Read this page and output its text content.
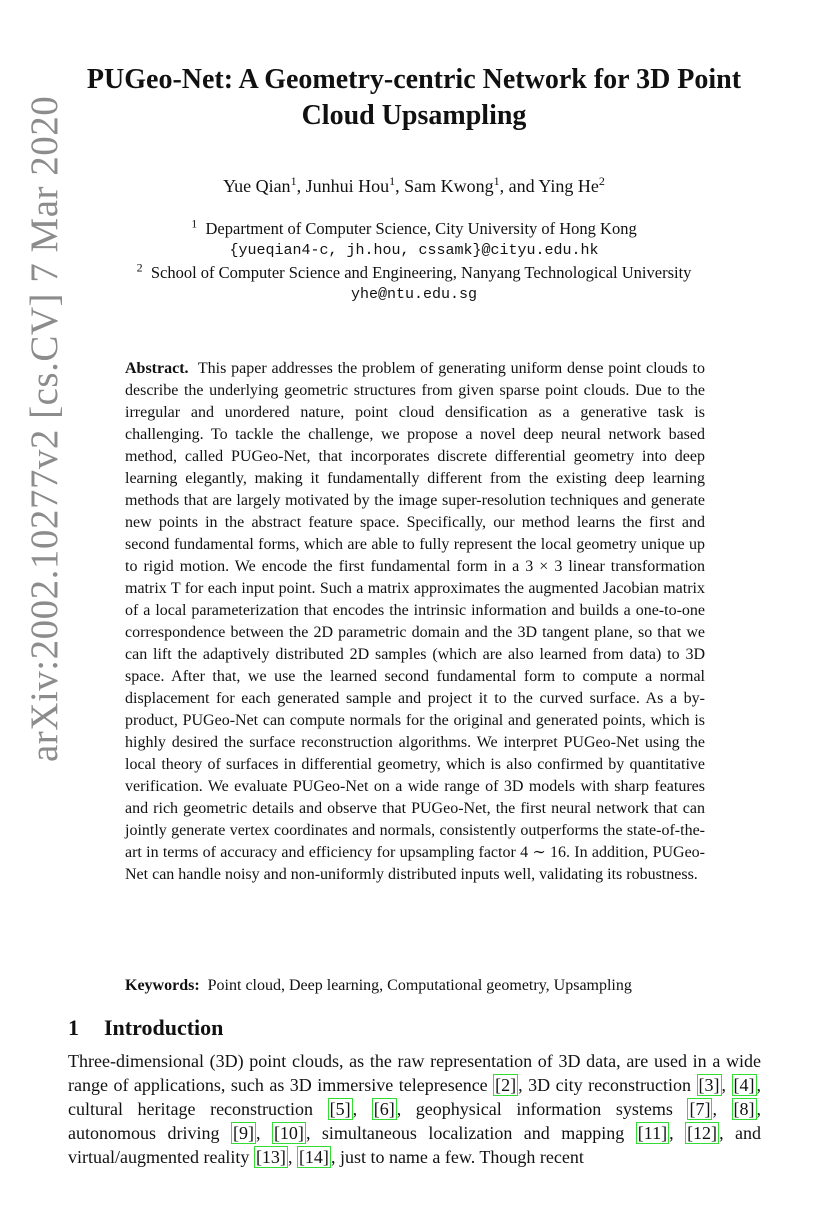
arXiv:2002.10277v2 [cs.CV] 7 Mar 2020
PUGeo-Net: A Geometry-centric Network for 3D Point
Cloud Upsampling
Yue Qian$^1$, Junhui Hou$^1$, Sam Kwong$^1$, and Ying He$^2$
$^1$ Department of Computer Science, City University of Hong Kong
{yueqian4-c, jh.hou, cssamk}@cityu.edu.hk
$^2$ School of Computer Science and Engineering, Nanyang Technological University
yhe@ntu.edu.sg
Abstract. This paper addresses the problem of generating uniform dense point clouds to describe the underlying geometric structures from given sparse point clouds. Due to the irregular and unordered nature, point cloud densification as a generative task is challenging. To tackle the challenge, we propose a novel deep neural network based method, called PUGeo-Net, that incorporates discrete differential geometry into deep learning elegantly, making it fundamentally different from the existing deep learning methods that are largely motivated by the image super-resolution techniques and generate new points in the abstract feature space. Specifically, our method learns the first and second fundamental forms, which are able to fully represent the local geometry unique up to rigid motion. We encode the first fundamental form in a 3 × 3 linear transformation matrix T for each input point. Such a matrix approximates the augmented Jacobian matrix of a local parameterization that encodes the intrinsic information and builds a one-to-one correspondence between the 2D parametric domain and the 3D tangent plane, so that we can lift the adaptively distributed 2D samples (which are also learned from data) to 3D space. After that, we use the learned second fundamental form to compute a normal displacement for each generated sample and project it to the curved surface. As a by-product, PUGeo-Net can compute normals for the original and generated points, which is highly desired the surface reconstruction algorithms. We interpret PUGeo-Net using the local theory of surfaces in differential geometry, which is also confirmed by quantitative verification. We evaluate PUGeo-Net on a wide range of 3D models with sharp features and rich geometric details and observe that PUGeo-Net, the first neural network that can jointly generate vertex coordinates and normals, consistently outperforms the state-of-the-art in terms of accuracy and efficiency for upsampling factor 4 ∼ 16. In addition, PUGeo-Net can handle noisy and non-uniformly distributed inputs well, validating its robustness.
Keywords: Point cloud, Deep learning, Computational geometry, Upsampling
1 Introduction
Three-dimensional (3D) point clouds, as the raw representation of 3D data, are used in a wide range of applications, such as 3D immersive telepresence [2] , 3D city reconstruction [3] , [4] , cultural heritage reconstruction [5] , [6] , geophysical information systems [7] , [8] , autonomous driving [9] , [10] , simultaneous localization and mapping [11] , [12] , and virtual/augmented reality [13] , [14] , just to name a few. Though recent
